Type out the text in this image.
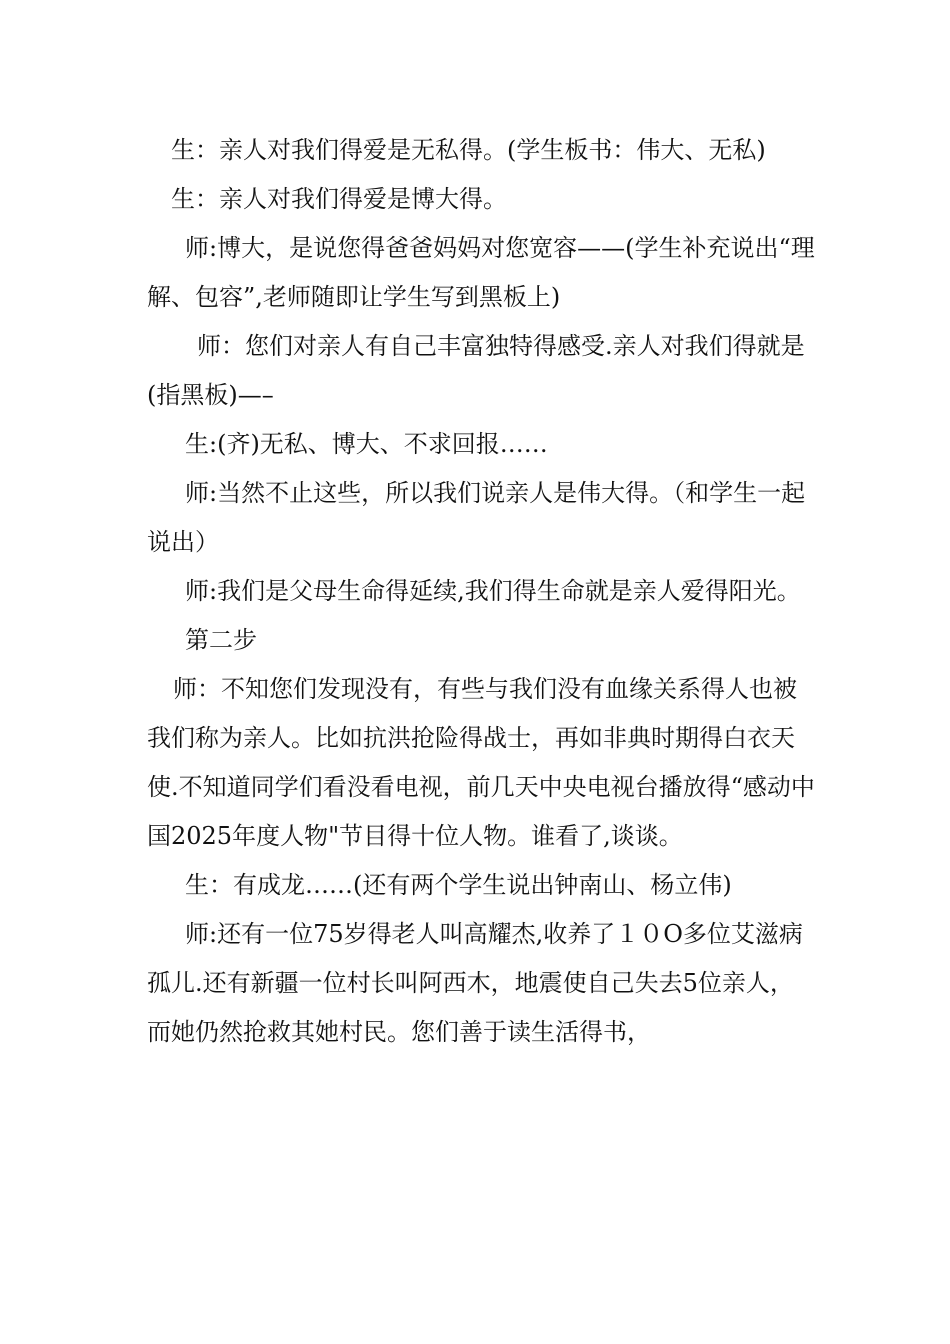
生：亲人对我们得爱是无私得。(学生板书：伟大、无私)

生：亲人对我们得爱是博大得。

师:博大，是说您得爸爸妈妈对您宽容——(学生补充说出“理解、包容”,老师随即让学生写到黑板上)

师：您们对亲人有自己丰富独特得感受.亲人对我们得就是(指黑板)—–

生:(齐)无私、博大、不求回报……

师:当然不止这些，所以我们说亲人是伟大得。（和学生一起说出）

师:我们是父母生命得延续,我们得生命就是亲人爱得阳光。

第二步

师：不知您们发现没有，有些与我们没有血缘关系得人也被我们称为亲人。比如抗洪抢险得战士，再如非典时期得白衣天使.不知道同学们看没看电视，前几天中央电视台播放得“感动中国2025年度人物"节目得十位人物。谁看了,谈谈。

生：有成龙……(还有两个学生说出钟南山、杨立伟)

师:还有一位75岁得老人叫高耀杰,收养了１０O多位艾滋病孤儿.还有新疆一位村长叫阿西木，地震使自己失去5位亲人，而她仍然抢救其她村民。您们善于读生活得书，
